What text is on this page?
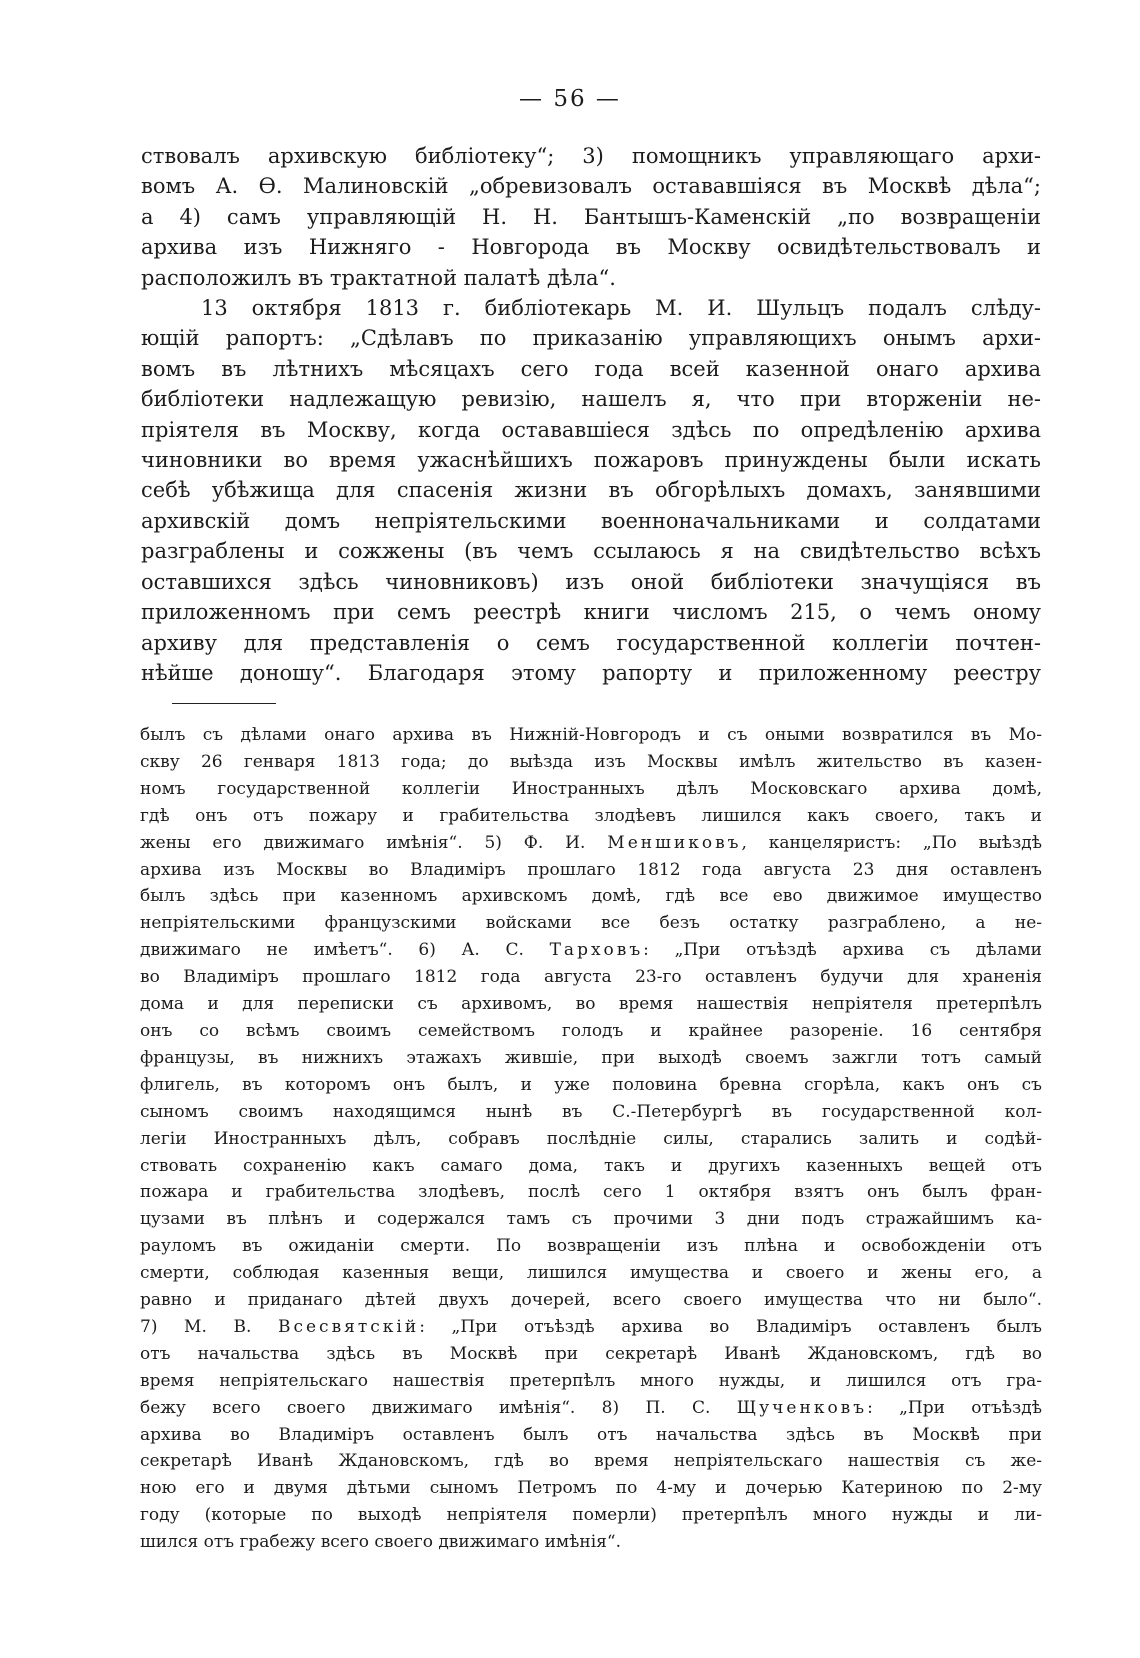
— 56 —

ствовалъ архивскую библіотеку“; 3) помощникъ управляющаго архи-

вомъ А. Ѳ. Малиновскій „обревизовалъ остававшіяся въ Москвѣ дѣла“;

а 4) самъ управляющій Н. Н. Бантышъ-Каменскій „по возвращеніи

архива изъ Нижняго - Новгорода въ Москву освидѣтельствовалъ и

расположилъ въ трактатной палатѣ дѣла“.

13 октября 1813 г. библіотекарь М. И. Шульцъ подалъ слѣду-

ющій рапортъ: „Сдѣлавъ по приказанію управляющихъ онымъ архи-

вомъ въ лѣтнихъ мѣсяцахъ сего года всей казенной онаго архива

библіотеки надлежащую ревизію, нашелъ я, что при вторженіи не-

пріятеля въ Москву, когда остававшіеся здѣсь по опредѣленію архива

чиновники во время ужаснѣйшихъ пожаровъ принуждены были искать

себѣ убѣжища для спасенія жизни въ обгорѣлыхъ домахъ, занявшими

архивскій домъ непріятельскими военноначальниками и солдатами

разграблены и сожжены (въ чемъ ссылаюсь я на свидѣтельство всѣхъ

оставшихся здѣсь чиновниковъ) изъ оной библіотеки значущіяся въ

приложенномъ при семъ реестрѣ книги числомъ 215, о чемъ оному

архиву для представленія о семъ государственной коллегіи почтен-

нѣйше доношу“. Благодаря этому рапорту и приложенному реестру

былъ съ дѣлами онаго архива въ Нижній-Новгородъ и съ оными возвратился въ Мо-

скву 26 генваря 1813 года; до выѣзда изъ Москвы имѣлъ жительство въ казен-

номъ государственной коллегіи Иностранныхъ дѣлъ Московскаго архива домѣ,

гдѣ онъ отъ пожару и грабительства злодѣевъ лишился какъ своего, такъ и

жены его движимаго имѣнія“. 5) Ф. И. Меншиковъ, канцеляристъ: „По выѣздѣ

архива изъ Москвы во Владиміръ прошлаго 1812 года августа 23 дня оставленъ

былъ здѣсь при казенномъ архивскомъ домѣ, гдѣ все ево движимое имущество

непріятельскими французскими войсками все безъ остатку разграблено, а не-

движимаго не имѣетъ“. 6) А. С. Тарховъ: „При отъѣздѣ архива съ дѣлами

во Владиміръ прошлаго 1812 года августа 23-го оставленъ будучи для храненія

дома и для переписки съ архивомъ, во время нашествія непріятеля претерпѣлъ

онъ со всѣмъ своимъ семействомъ голодъ и крайнее разореніе. 16 сентября

французы, въ нижнихъ этажахъ жившіе, при выходѣ своемъ зажгли тотъ самый

флигель, въ которомъ онъ былъ, и уже половина бревна сгорѣла, какъ онъ съ

сыномъ своимъ находящимся нынѣ въ С.-Петербургѣ въ государственной кол-

легіи Иностранныхъ дѣлъ, собравъ послѣдніе силы, старались залить и содѣй-

ствовать сохраненію какъ самаго дома, такъ и другихъ казенныхъ вещей отъ

пожара и грабительства злодѣевъ, послѣ сего 1 октября взятъ онъ былъ фран-

цузами въ плѣнъ и содержался тамъ съ прочими 3 дни подъ стражайшимъ ка-

рауломъ въ ожиданіи смерти. По возвращеніи изъ плѣна и освобожденіи отъ

смерти, соблюдая казенныя вещи, лишился имущества и своего и жены его, а

равно и приданаго дѣтей двухъ дочерей, всего своего имущества что ни было“.

7) М. В. Всесвятскій: „При отъѣздѣ архива во Владиміръ оставленъ былъ

отъ начальства здѣсь въ Москвѣ при секретарѣ Иванѣ Ждановскомъ, гдѣ во

время непріятельскаго нашествія претерпѣлъ много нужды, и лишился отъ гра-

бежу всего своего движимаго имѣнія“. 8) П. С. Щученковъ: „При отъѣздѣ

архива во Владиміръ оставленъ былъ отъ начальства здѣсь въ Москвѣ при

секретарѣ Иванѣ Ждановскомъ, гдѣ во время непріятельскаго нашествія съ же-

ною его и двумя дѣтьми сыномъ Петромъ по 4-му и дочерью Катериною по 2-му

году (которые по выходѣ непріятеля померли) претерпѣлъ много нужды и ли-

шился отъ грабежу всего своего движимаго имѣнія“.
